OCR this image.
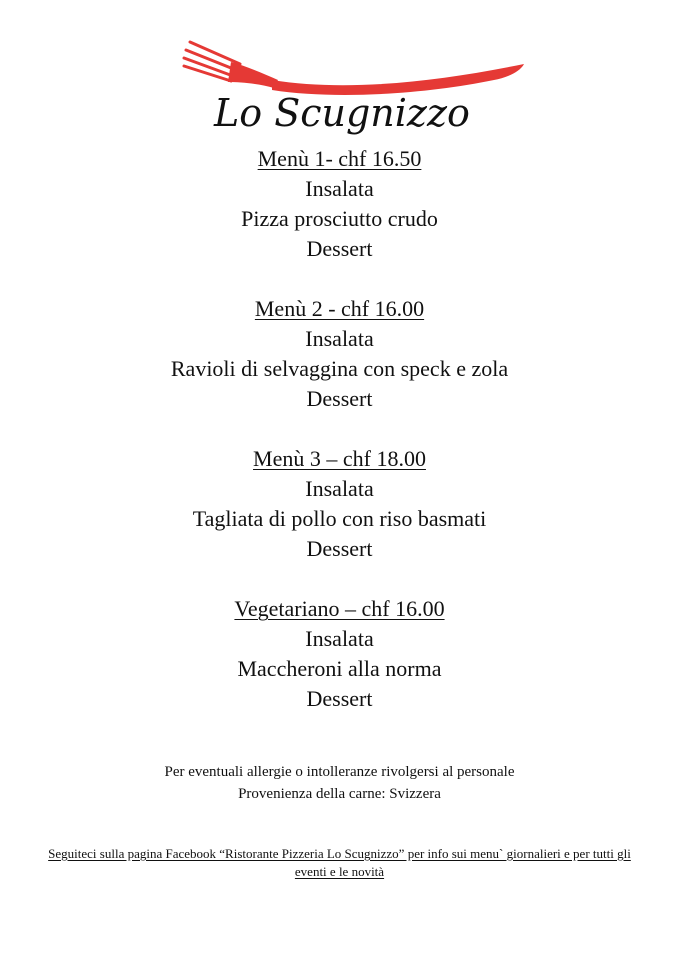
Lo Scugnizzo
Menù 1- chf 16.50
Insalata
Pizza prosciutto crudo
Dessert
Menù 2 - chf 16.00
Insalata
Ravioli di selvaggina con speck e zola
Dessert
Menù 3 – chf 18.00
Insalata
Tagliata di pollo con riso basmati
Dessert
Vegetariano – chf 16.00
Insalata
Maccheroni alla norma
Dessert
Per eventuali allergie o intolleranze rivolgersi al personale
Provenienza della carne: Svizzera
Seguiteci sulla pagina Facebook “Ristorante Pizzeria Lo Scugnizzo” per info sui menu` giornalieri e per tutti gli eventi e le novità
